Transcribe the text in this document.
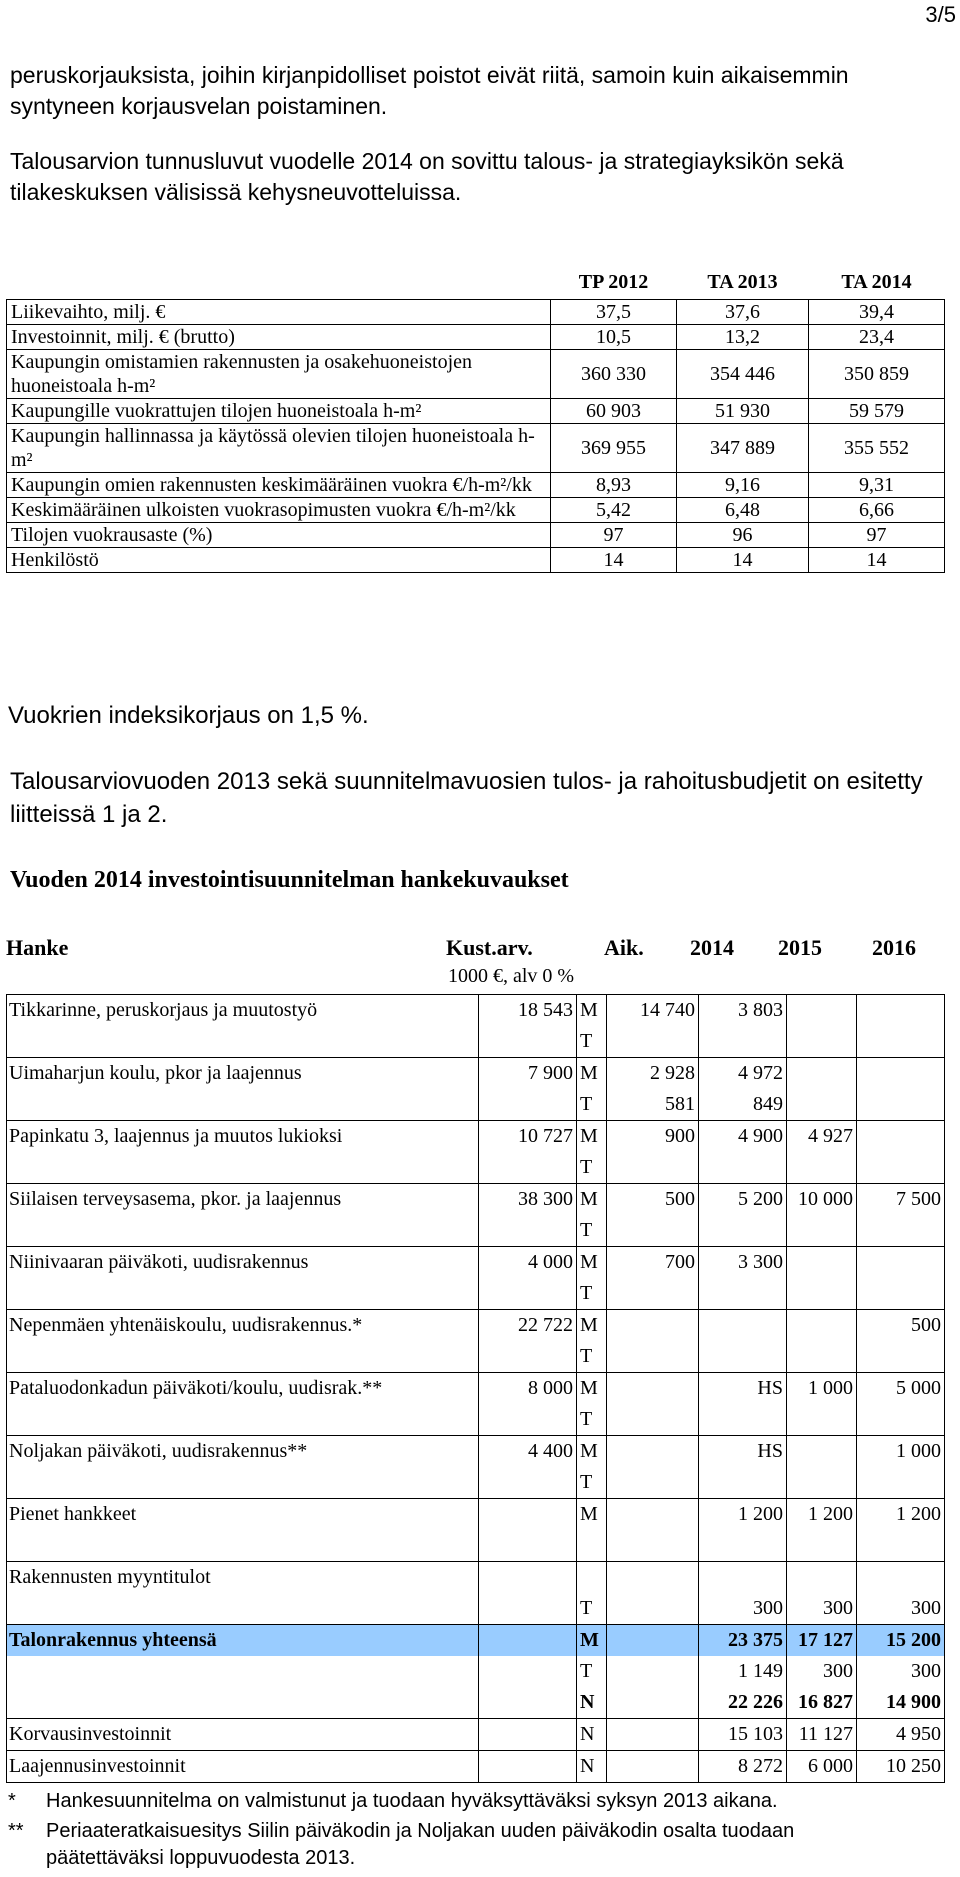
3/5
peruskorjauksista, joihin kirjanpidolliset poistot eivät riitä, samoin kuin aikaisemmin syntyneen korjausvelan poistaminen.
Talousarvion tunnusluvut vuodelle 2014 on sovittu talous- ja strategiayksikön sekä tilakeskuksen välisissä kehysneuvotteluissa.
	TP 2012	TA 2013	TA 2014
Liikevaihto, milj. €	37,5	37,6	39,4
Investoinnit, milj. € (brutto)	10,5	13,2	23,4
Kaupungin omistamien rakennusten ja osakehuoneistojen huoneistoala h-m²	360 330	354 446	350 859
Kaupungille vuokrattujen tilojen huoneistoala h-m²	60 903	51 930	59 579
Kaupungin hallinnassa ja käytössä olevien tilojen huoneistoala h-m²	369 955	347 889	355 552
Kaupungin omien rakennusten keskimääräinen vuokra €/h-m²/kk	8,93	9,16	9,31
Keskimääräinen ulkoisten vuokrasopimusten vuokra €/h-m²/kk	5,42	6,48	6,66
Tilojen vuokrausaste (%)	97	96	97
Henkilöstö	14	14	14
Vuokrien indeksikorjaus on 1,5 %.
Talousarviovuoden 2013 sekä suunnitelmavuosien tulos- ja rahoitusbudjetit on esitetty liitteissä 1 ja 2.
Vuoden 2014 investointisuunnitelman hankekuvaukset
Hanke	Kust.arv.	Aik. 2014 2015 2016
1000 €, alv 0 %
Tikkarinne, peruskorjaus ja muutostyö	18 543	M	14 740	3 803		
		T				
Uimaharjun koulu, pkor ja laajennus	7 900	M	2 928	4 972		
		T	581	849		
Papinkatu 3, laajennus ja muutos lukioksi	10 727	M	900	4 900	4 927	
		T				
Siilaisen terveysasema, pkor. ja laajennus	38 300	M	500	5 200	10 000	7 500
		T				
Niinivaaran päiväkoti, uudisrakennus	4 000	M	700	3 300		
		T				
Nepenmäen yhtenäiskoulu, uudisrakennus.*	22 722	M				500
		T				
Pataluodonkadun päiväkoti/koulu, uudisrak.**	8 000	M		HS	1 000	5 000
		T				
Noljakan päiväkoti, uudisrakennus**	4 400	M		HS		1 000
		T				
Pienet hankkeet		M		1 200	1 200	1 200

Rakennusten myyntitulot						
		T		300	300	300
Talonrakennus yhteensä		M		23 375	17 127	15 200
		T		1 149	300	300
		N		22 226	16 827	14 900
Korvausinvestoinnit		N		15 103	11 127	4 950
Laajennusinvestoinnit		N		8 272	6 000	10 250
* Hankesuunnitelma on valmistunut ja tuodaan hyväksyttäväksi syksyn 2013 aikana.
**	Periaateratkaisuesitys Siilin päiväkodin ja Noljakan uuden päiväkodin osalta tuodaan päätettäväksi loppuvuodesta 2013.
